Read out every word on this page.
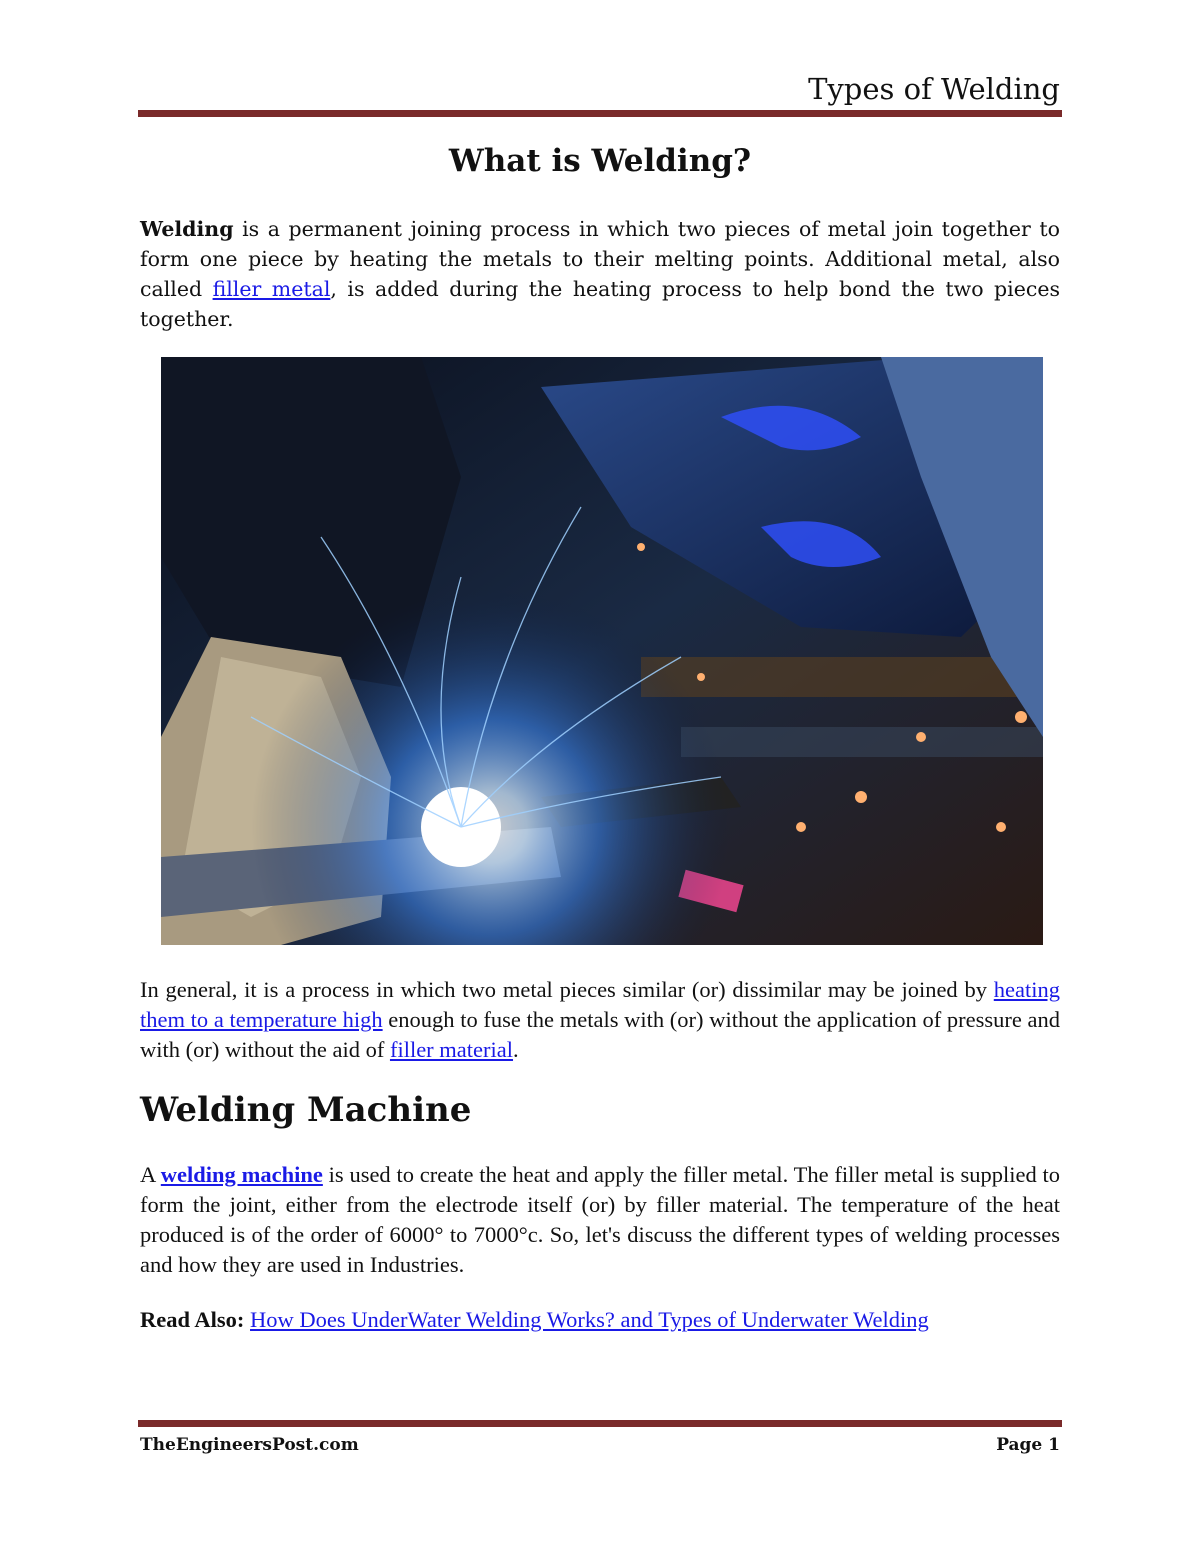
Types of Welding
What is Welding?

Welding is a permanent joining process in which two pieces of metal join together to form one piece by heating the metals to their melting points. Additional metal, also called filler metal, is added during the heating process to help bond the two pieces together.

In general, it is a process in which two metal pieces similar (or) dissimilar may be joined by heating them to a temperature high enough to fuse the metals with (or) without the application of pressure and with (or) without the aid of filler material.

Welding Machine

A welding machine is used to create the heat and apply the filler metal. The filler metal is supplied to form the joint, either from the electrode itself (or) by filler material. The temperature of the heat produced is of the order of 6000° to 7000°c. So, let's discuss the different types of welding processes and how they are used in Industries.

Read Also: How Does UnderWater Welding Works? and Types of Underwater Welding

TheEngineersPost.com	Page 1
